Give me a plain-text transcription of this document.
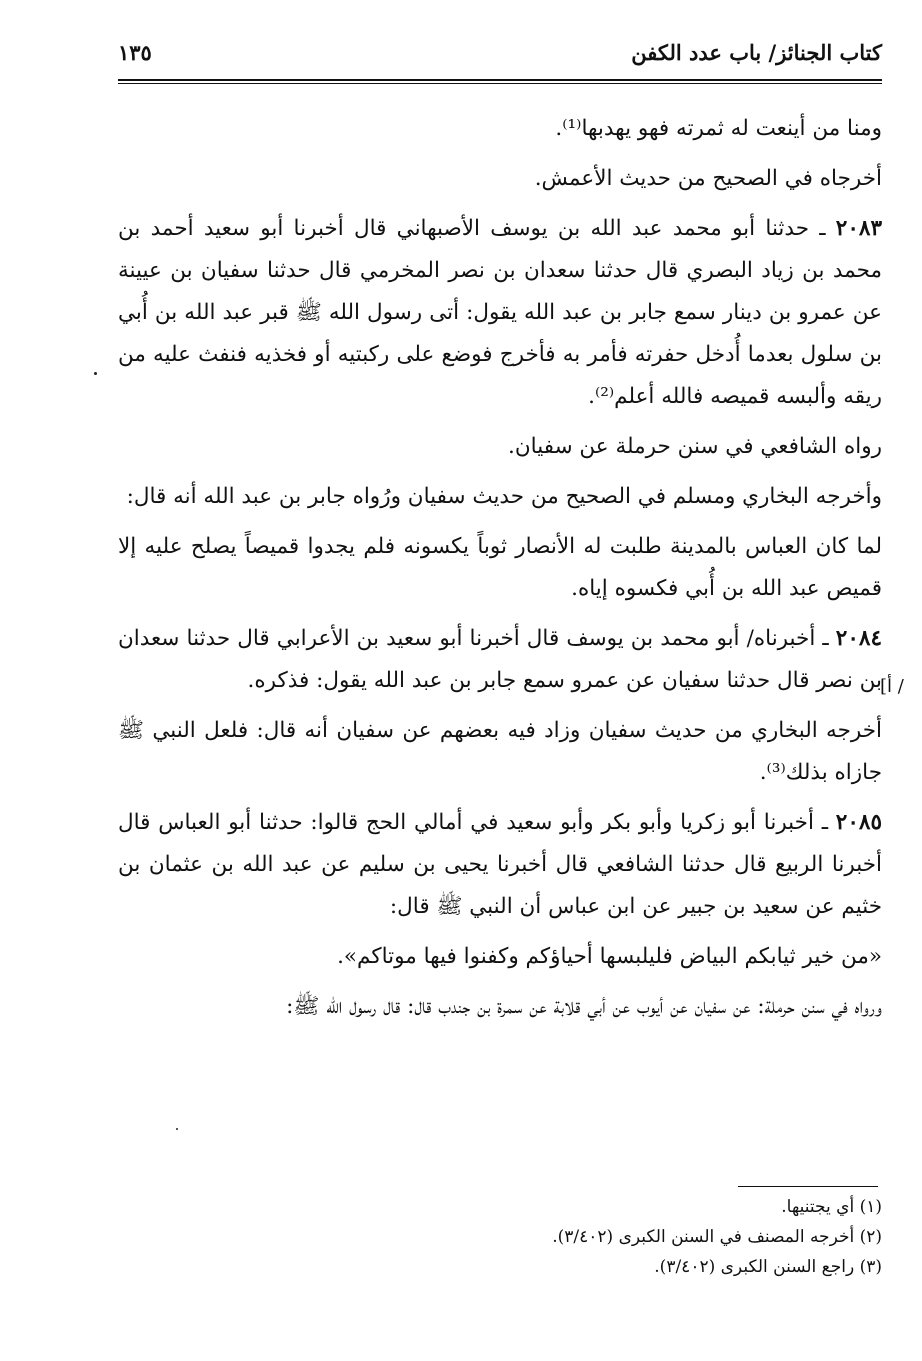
كتاب الجنائز/ باب عدد الكفن
١٣٥
/ أ]

ومنا من أينعت له ثمرته فهو يهدبها⁽¹⁾.

أخرجاه في الصحيح من حديث الأعمش.

٢٠٨٣ ـ حدثنا أبو محمد عبد الله بن يوسف الأصبهاني قال أخبرنا أبو سعيد أحمد بن محمد بن زياد البصري قال حدثنا سعدان بن نصر المخرمي قال حدثنا سفيان بن عيينة عن عمرو بن دينار سمع جابر بن عبد الله يقول: أتى رسول الله ﷺ قبر عبد الله بن أُبي بن سلول بعدما أُدخل حفرته فأمر به فأخرج فوضع على ركبتيه أو فخذيه فنفث عليه من ريقه وألبسه قميصه فالله أعلم⁽²⁾.

رواه الشافعي في سنن حرملة عن سفيان.

وأخرجه البخاري ومسلم في الصحيح من حديث سفيان ورُواه جابر بن عبد الله أنه قال:

لما كان العباس بالمدينة طلبت له الأنصار ثوباً يكسونه فلم يجدوا قميصاً يصلح عليه إلا قميص عبد الله بن أُبي فكسوه إياه.

٢٠٨٤ ـ أخبرناه/ أبو محمد بن يوسف قال أخبرنا أبو سعيد بن الأعرابي قال حدثنا سعدان بن نصر قال حدثنا سفيان عن عمرو سمع جابر بن عبد الله يقول: فذكره.

أخرجه البخاري من حديث سفيان وزاد فيه بعضهم عن سفيان أنه قال: فلعل النبي ﷺ جازاه بذلك⁽³⁾.

٢٠٨٥ ـ أخبرنا أبو زكريا وأبو بكر وأبو سعيد في أمالي الحج قالوا: حدثنا أبو العباس قال أخبرنا الربيع قال حدثنا الشافعي قال أخبرنا يحيى بن سليم عن عبد الله بن عثمان بن خثيم عن سعيد بن جبير عن ابن عباس أن النبي ﷺ قال:

«من خير ثيابكم البياض فليلبسها أحياؤكم وكفنوا فيها موتاكم».

ورواه في سنن حرملة: عن سفيان عن أيوب عن أبي قلابة عن سمرة بن جندب قال: قال رسول الله ﷺ:

(١) أي يجتنيها.
(٢) أخرجه المصنف في السنن الكبرى (٣/٤٠٢).
(٣) راجع السنن الكبرى (٣/٤٠٢).
